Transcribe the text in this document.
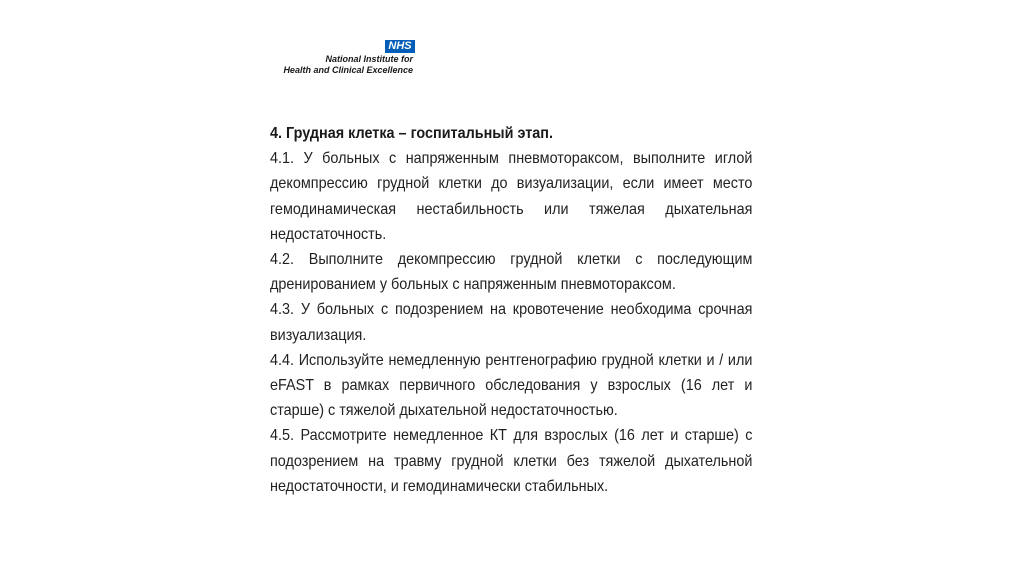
NHS
National Institute for
Health and Clinical Excellence

4. Грудная клетка – госпитальный этап.

4.1. У больных с напряженным пневмотораксом, выполните иглой декомпрессию грудной клетки до визуализации, если имеет место гемодинамическая нестабильность или тяжелая дыхательная недостаточность.

4.2. Выполните декомпрессию грудной клетки с последующим дренированием у больных с напряженным пневмотораксом.

4.3. У больных с подозрением на кровотечение необходима срочная визуализация.

4.4. Используйте немедленную рентгенографию грудной клетки и / или eFAST в рамках первичного обследования у взрослых (16 лет и старше) с тяжелой дыхательной недостаточностью.

4.5. Рассмотрите немедленное КТ для взрослых (16 лет и старше) с подозрением на травму грудной клетки без тяжелой дыхательной недостаточности, и гемодинамически стабильных.
